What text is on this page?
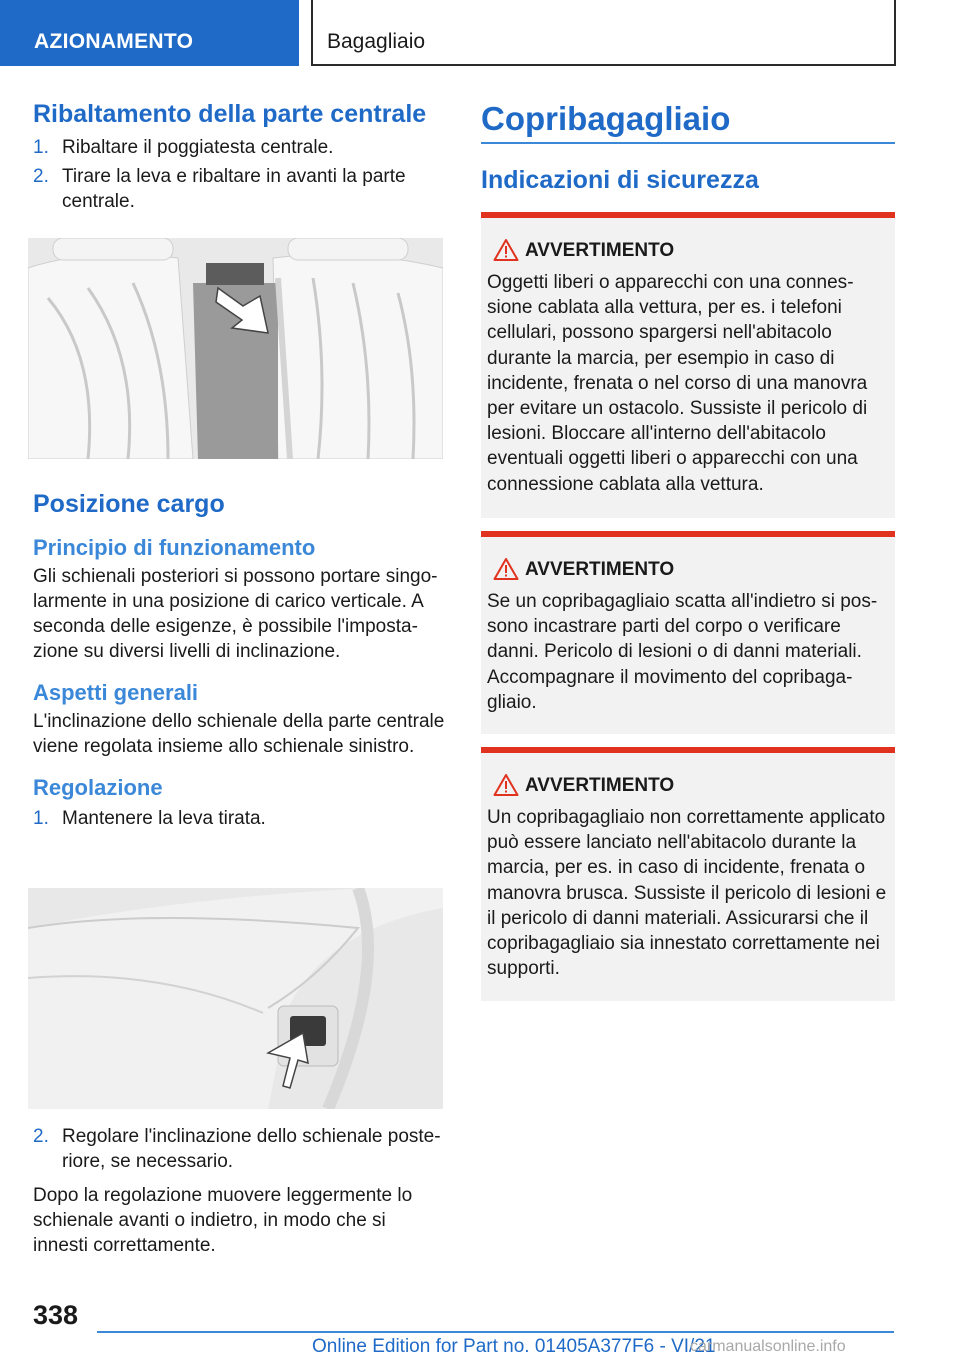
AZIONAMENTO	Bagagliaio
Ribaltamento della parte centrale
1. Ribaltare il poggiatesta centrale.
2. Tirare la leva e ribaltare in avanti la parte centrale.
Posizione cargo
Principio di funzionamento
Gli schienali posteriori si possono portare singolarmente in una posizione di carico verticale. A seconda delle esigenze, è possibile l'impostazione su diversi livelli di inclinazione.
Aspetti generali
L'inclinazione dello schienale della parte centrale viene regolata insieme allo schienale sinistro.
Regolazione
1. Mantenere la leva tirata.
2. Regolare l'inclinazione dello schienale posteriore, se necessario.
Dopo la regolazione muovere leggermente lo schienale avanti o indietro, in modo che si innesti correttamente.
Copribagagliaio
Indicazioni di sicurezza
AVVERTIMENTO
Oggetti liberi o apparecchi con una connessione cablata alla vettura, per es. i telefoni cellulari, possono spargersi nell'abitacolo durante la marcia, per esempio in caso di incidente, frenata o nel corso di una manovra per evitare un ostacolo. Sussiste il pericolo di lesioni. Bloccare all'interno dell'abitacolo eventuali oggetti liberi o apparecchi con una connessione cablata alla vettura.
AVVERTIMENTO
Se un copribagagliaio scatta all'indietro si possono incastrare parti del corpo o verificare danni. Pericolo di lesioni o di danni materiali. Accompagnare il movimento del copribagagliaio.
AVVERTIMENTO
Un copribagagliaio non correttamente applicato può essere lanciato nell'abitacolo durante la marcia, per es. in caso di incidente, frenata o manovra brusca. Sussiste il pericolo di lesioni e il pericolo di danni materiali. Assicurarsi che il copribagagliaio sia innestato correttamente nei supporti.
338
Online Edition for Part no. 01405A377F6 - VI/21
carmanualsonline.info
